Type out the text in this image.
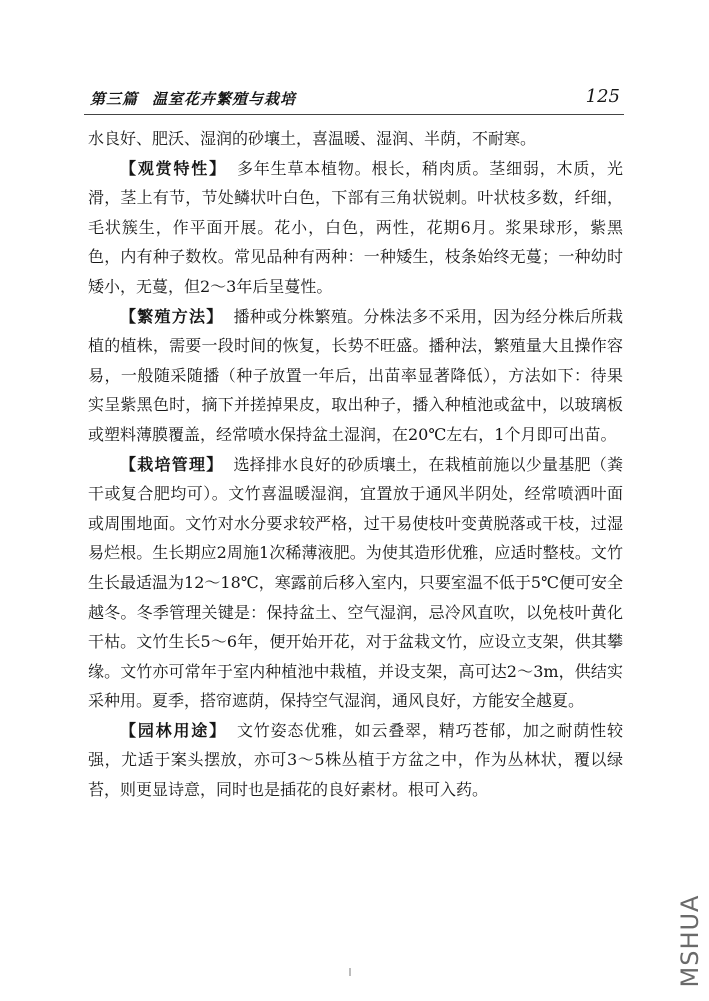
第三篇 温室花卉繁殖与栽培	125

水良好、肥沃、湿润的砂壤土，喜温暖、湿润、半荫，不耐寒。

【观赏特性】 多年生草本植物。根长，稍肉质。茎细弱，木质，光滑，茎上有节，节处鳞状叶白色，下部有三角状锐刺。叶状枝多数，纤细，毛状簇生，作平面开展。花小，白色，两性，花期6月。浆果球形，紫黑色，内有种子数枚。常见品种有两种：一种矮生，枝条始终无蔓；一种幼时矮小，无蔓，但2～3年后呈蔓性。

【繁殖方法】 播种或分株繁殖。分株法多不采用，因为经分株后所栽植的植株，需要一段时间的恢复，长势不旺盛。播种法，繁殖量大且操作容易，一般随采随播（种子放置一年后，出苗率显著降低），方法如下：待果实呈紫黑色时，摘下并搓掉果皮，取出种子，播入种植池或盆中，以玻璃板或塑料薄膜覆盖，经常喷水保持盆土湿润，在20℃左右，1个月即可出苗。

【栽培管理】 选择排水良好的砂质壤土，在栽植前施以少量基肥（粪干或复合肥均可）。文竹喜温暖湿润，宜置放于通风半阴处，经常喷洒叶面或周围地面。文竹对水分要求较严格，过干易使枝叶变黄脱落或干枝，过湿易烂根。生长期应2周施1次稀薄液肥。为使其造形优雅，应适时整枝。文竹生长最适温为12～18℃，寒露前后移入室内，只要室温不低于5℃便可安全越冬。冬季管理关键是：保持盆土、空气湿润，忌冷风直吹，以免枝叶黄化干枯。文竹生长5～6年，便开始开花，对于盆栽文竹，应设立支架，供其攀缘。文竹亦可常年于室内种植池中栽植，并设支架，高可达2～3m，供结实采种用。夏季，搭帘遮荫，保持空气湿润，通风良好，方能安全越夏。

【园林用途】 文竹姿态优雅，如云叠翠，精巧苍郁，加之耐荫性较强，尤适于案头摆放，亦可3～5株丛植于方盆之中，作为丛林状，覆以绿苔，则更显诗意，同时也是插花的良好素材。根可入药。

MSHUA
